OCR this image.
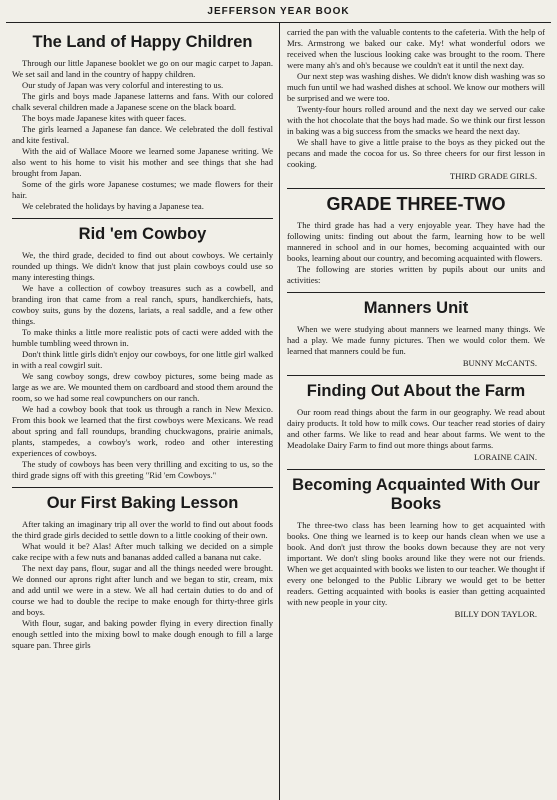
JEFFERSON YEAR BOOK
The Land of Happy Children

Through our little Japanese booklet we go on our magic carpet to Japan. We set sail and land in the country of happy children.

Our study of Japan was very colorful and interesting to us.

The girls and boys made Japanese latterns and fans. With our colored chalk several children made a Japanese scene on the black board.

The boys made Japanese kites with queer faces.

The girls learned a Japanese fan dance. We celebrated the doll festival and kite festival.

With the aid of Wallace Moore we learned some Japanese writing. We also went to his home to visit his mother and see things that she had brought from Japan.

Some of the girls wore Japanese costumes; we made flowers for their hair.

We celebrated the holidays by having a Japanese tea.

Rid 'em Cowboy

We, the third grade, decided to find out about cowboys. We certainly rounded up things. We didn't know that just plain cowboys could use so many interesting things.

We have a collection of cowboy treasures such as a cowbell, and branding iron that came from a real ranch, spurs, handkerchiefs, hats, cowboy suits, guns by the dozens, lariats, a real saddle, and a few other things.

To make thinks a little more realistic pots of cacti were added with the humble tumbling weed thrown in.

Don't think little girls didn't enjoy our cowboys, for one little girl walked in with a real cowgirl suit.

We sang cowboy songs, drew cowboy pictures, some being made as large as we are. We mounted them on cardboard and stood them around the room, so we had some real cowpunchers on our ranch.

We had a cowboy book that took us through a ranch in New Mexico. From this book we learned that the first cowboys were Mexicans. We read about spring and fall roundups, branding chuckwagons, prairie animals, plants, stampedes, a cowboy's work, rodeo and other interesting experiences of cowboys.

The study of cowboys has been very thrilling and exciting to us, so the third grade signs off with this greeting "Rid 'em Cowboys."

Our First Baking Lesson

After taking an imaginary trip all over the world to find out about foods the third grade girls decided to settle down to a little cooking of their own.

What would it be? Alas! After much talking we decided on a simple cake recipe with a few nuts and bananas added called a banana nut cake.

The next day pans, flour, sugar and all the things needed were brought. We donned our aprons right after lunch and we began to stir, cream, mix and add until we were in a stew. We all had certain duties to do and of course we had to double the recipe to make enough for thirty-three girls and boys.

With flour, sugar, and baking powder flying in every direction finally enough settled into the mixing bowl to make dough enough to fill a large square pan. Three girls

carried the pan with the valuable contents to the cafeteria. With the help of Mrs. Armstrong we baked our cake. My! what wonderful odors we received when the luscious looking cake was brought to the room. There were many ah's and oh's because we couldn't eat it until the next day.

Our next step was washing dishes. We didn't know dish washing was so much fun until we had washed dishes at school. We know our mothers will be surprised and we were too.

Twenty-four hours rolled around and the next day we served our cake with the hot chocolate that the boys had made. So we think our first lesson in baking was a big success from the smacks we heard the next day.

We shall have to give a little praise to the boys as they picked out the pecans and made the cocoa for us. So three cheers for our first lesson in cooking.

THIRD GRADE GIRLS.
GRADE THREE-TWO

The third grade has had a very enjoyable year. They have had the following units: finding out about the farm, learning how to be well mannered in school and in our homes, becoming acquainted with our books, learning about our country, and becoming acquainted with flowers.

The following are stories written by pupils about our units and activities:

Manners Unit

When we were studying about manners we learned many things. We had a play. We made funny pictures. Then we would color them. We learned that manners could be fun.

BUNNY McCANTS.
Finding Out About the Farm

Our room read things about the farm in our geography. We read about dairy products. It told how to milk cows. Our teacher read stories of dairy and other farms. We like to read and hear about farms. We went to the Meadolake Dairy Farm to find out more things about farms.

LORAINE CAIN.
Becoming Acquainted With Our Books

The three-two class has been learning how to get acquainted with books. One thing we learned is to keep our hands clean when we use a book. And don't just throw the books down because they are not very important. We don't sling books around like they were not our friends. When we get acquainted with books we listen to our teacher. We thought if every one belonged to the Public Library we would get to be better readers. Getting acquainted with books is easier than getting acquainted with new people in your city.

BILLY DON TAYLOR.
